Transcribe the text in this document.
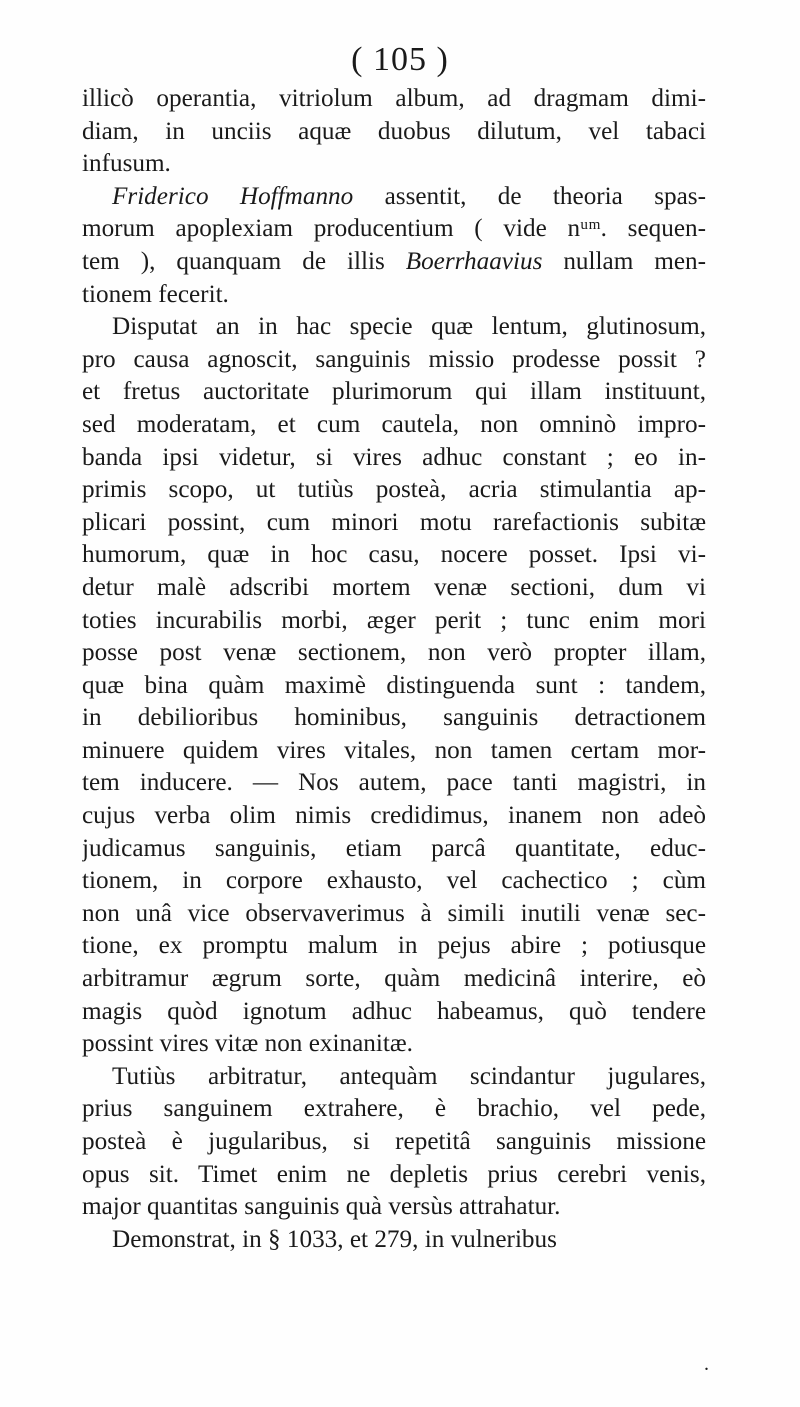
( 105 )
illicò operantia, vitriolum album, ad dragmam dimi-
diam, in unciis aquæ duobus dilutum, vel tabaci
infusum.
Friderico Hoffmanno assentit, de theoria spas-
morum apoplexiam producentium ( vide nᵘᵐ. sequen-
tem ), quanquam de illis Boerrhaavius nullam men-
tionem fecerit.
Disputat an in hac specie quæ lentum, glutinosum,
pro causa agnoscit, sanguinis missio prodesse possit ?
et fretus auctoritate plurimorum qui illam instituunt,
sed moderatam, et cum cautela, non omninò impro-
banda ipsi videtur, si vires adhuc constant ; eo in-
primis scopo, ut tutiùs posteà, acria stimulantia ap-
plicari possint, cum minori motu rarefactionis subitæ
humorum, quæ in hoc casu, nocere posset. Ipsi vi-
detur malè adscribi mortem venæ sectioni, dum vi
toties incurabilis morbi, æger perit ; tunc enim mori
posse post venæ sectionem, non verò propter illam,
quæ bina quàm maximè distinguenda sunt : tandem,
in debilioribus hominibus, sanguinis detractionem
minuere quidem vires vitales, non tamen certam mor-
tem inducere. — Nos autem, pace tanti magistri, in
cujus verba olim nimis credidimus, inanem non adeò
judicamus sanguinis, etiam parcâ quantitate, educ-
tionem, in corpore exhausto, vel cachectico ; cùm
non unâ vice observaverimus à simili inutili venæ sec-
tione, ex promptu malum in pejus abire ; potiusque
arbitramur ægrum sorte, quàm medicinâ interire, eò
magis quòd ignotum adhuc habeamus, quò tendere
possint vires vitæ non exinanitæ.
Tutiùs arbitratur, antequàm scindantur jugulares,
prius sanguinem extrahere, è brachio, vel pede,
posteà è jugularibus, si repetitâ sanguinis missione
opus sit. Timet enim ne depletis prius cerebri venis,
major quantitas sanguinis quà versùs attrahatur.
Demonstrat, in § 1033, et 279, in vulneribus
.
